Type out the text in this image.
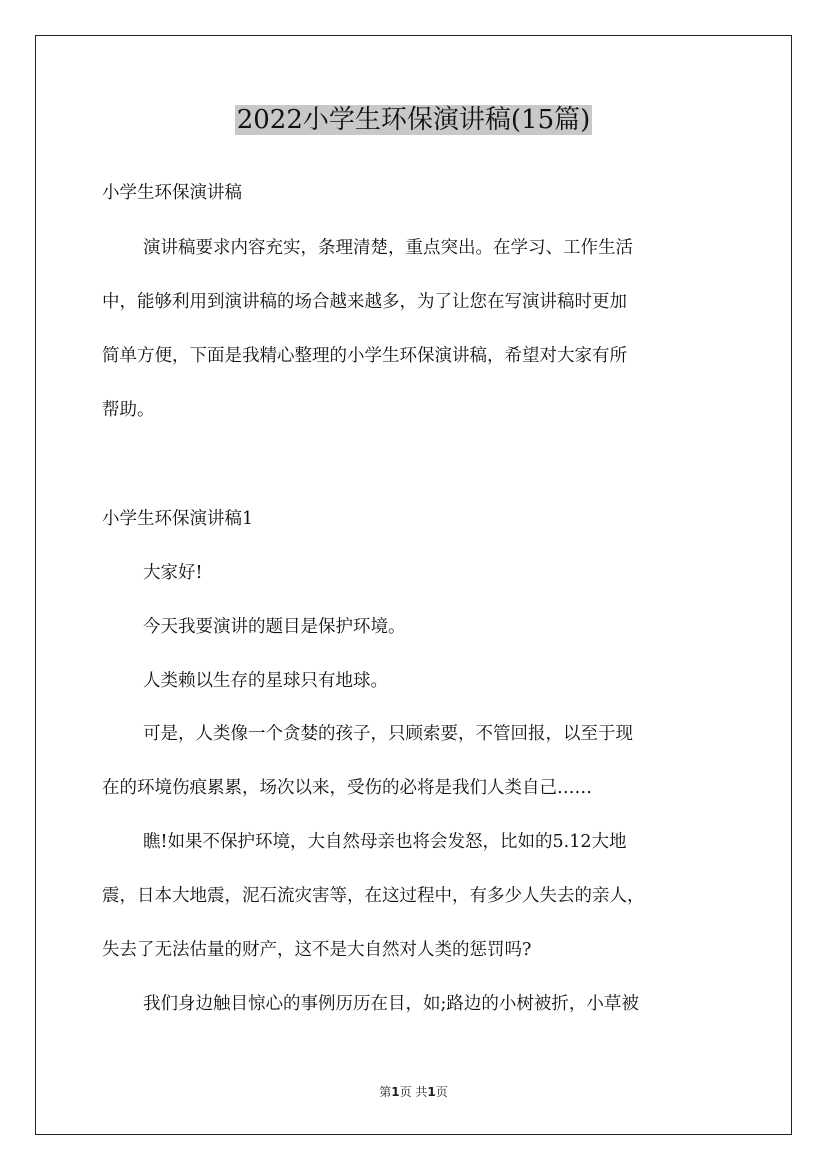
2022小学生环保演讲稿(15篇)
小学生环保演讲稿
演讲稿要求内容充实，条理清楚，重点突出。在学习、工作生活
中，能够利用到演讲稿的场合越来越多，为了让您在写演讲稿时更加
简单方便，下面是我精心整理的小学生环保演讲稿，希望对大家有所
帮助。
小学生环保演讲稿1
大家好!
今天我要演讲的题目是保护环境。
人类赖以生存的星球只有地球。
可是，人类像一个贪婪的孩子，只顾索要，不管回报，以至于现
在的环境伤痕累累，场次以来，受伤的必将是我们人类自己……
瞧!如果不保护环境，大自然母亲也将会发怒，比如的5.12大地
震，日本大地震，泥石流灾害等，在这过程中，有多少人失去的亲人，
失去了无法估量的财产，这不是大自然对人类的惩罚吗?
我们身边触目惊心的事例历历在目，如;路边的小树被折，小草被
第1页 共1页
